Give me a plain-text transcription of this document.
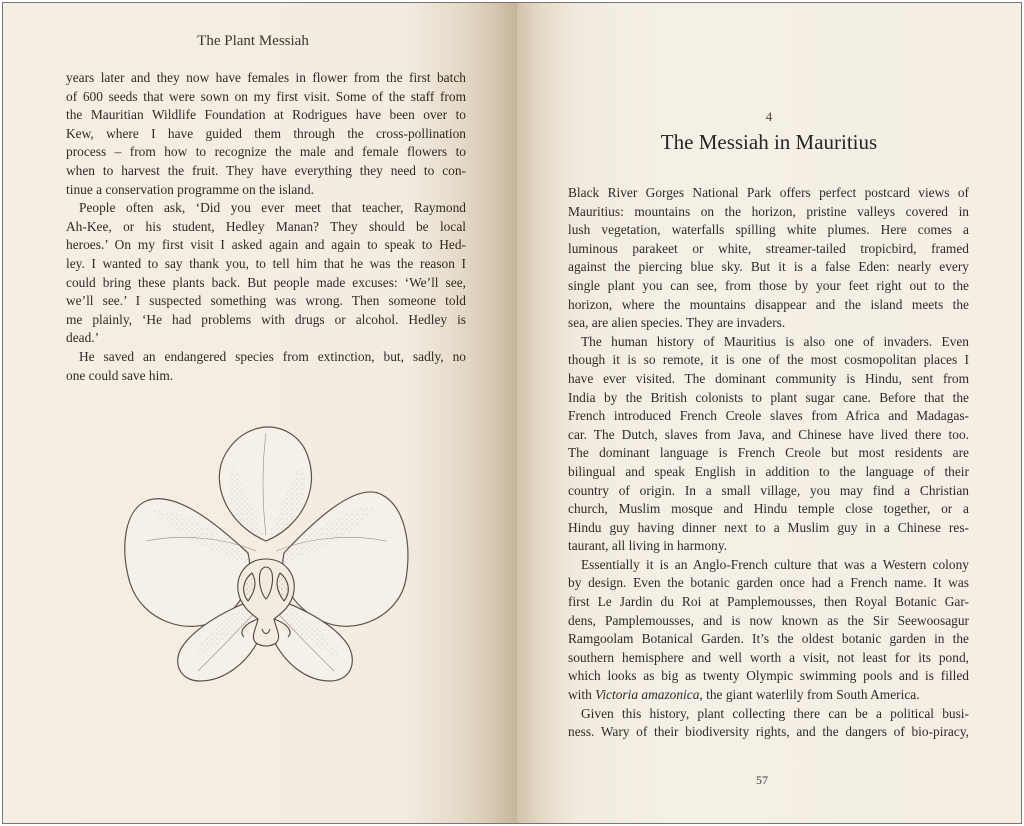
The Plant Messiah
years later and they now have females in flower from the first batch
of 600 seeds that were sown on my first visit. Some of the staff from
the Mauritian Wildlife Foundation at Rodrigues have been over to
Kew, where I have guided them through the cross-pollination
process – from how to recognize the male and female flowers to
when to harvest the fruit. They have everything they need to con-
tinue a conservation programme on the island.
People often ask, ‘Did you ever meet that teacher, Raymond
Ah-Kee, or his student, Hedley Manan? They should be local
heroes.’ On my first visit I asked again and again to speak to Hed-
ley. I wanted to say thank you, to tell him that he was the reason I
could bring these plants back. But people made excuses: ‘We’ll see,
we’ll see.’ I suspected something was wrong. Then someone told
me plainly, ‘He had problems with drugs or alcohol. Hedley is
dead.’
He saved an endangered species from extinction, but, sadly, no
one could save him.
4
The Messiah in Mauritius
Black River Gorges National Park offers perfect postcard views of
Mauritius: mountains on the horizon, pristine valleys covered in
lush vegetation, waterfalls spilling white plumes. Here comes a
luminous parakeet or white, streamer-tailed tropicbird, framed
against the piercing blue sky. But it is a false Eden: nearly every
single plant you can see, from those by your feet right out to the
horizon, where the mountains disappear and the island meets the
sea, are alien species. They are invaders.
The human history of Mauritius is also one of invaders. Even
though it is so remote, it is one of the most cosmopolitan places I
have ever visited. The dominant community is Hindu, sent from
India by the British colonists to plant sugar cane. Before that the
French introduced French Creole slaves from Africa and Madagas-
car. The Dutch, slaves from Java, and Chinese have lived there too.
The dominant language is French Creole but most residents are
bilingual and speak English in addition to the language of their
country of origin. In a small village, you may find a Christian
church, Muslim mosque and Hindu temple close together, or a
Hindu guy having dinner next to a Muslim guy in a Chinese res-
taurant, all living in harmony.
Essentially it is an Anglo-French culture that was a Western colony
by design. Even the botanic garden once had a French name. It was
first Le Jardin du Roi at Pamplemousses, then Royal Botanic Gar-
dens, Pamplemousses, and is now known as the Sir Seewoosagur
Ramgoolam Botanical Garden. It’s the oldest botanic garden in the
southern hemisphere and well worth a visit, not least for its pond,
which looks as big as twenty Olympic swimming pools and is filled
with Victoria amazonica, the giant waterlily from South America.
Given this history, plant collecting there can be a political busi-
ness. Wary of their biodiversity rights, and the dangers of bio-piracy,
57
